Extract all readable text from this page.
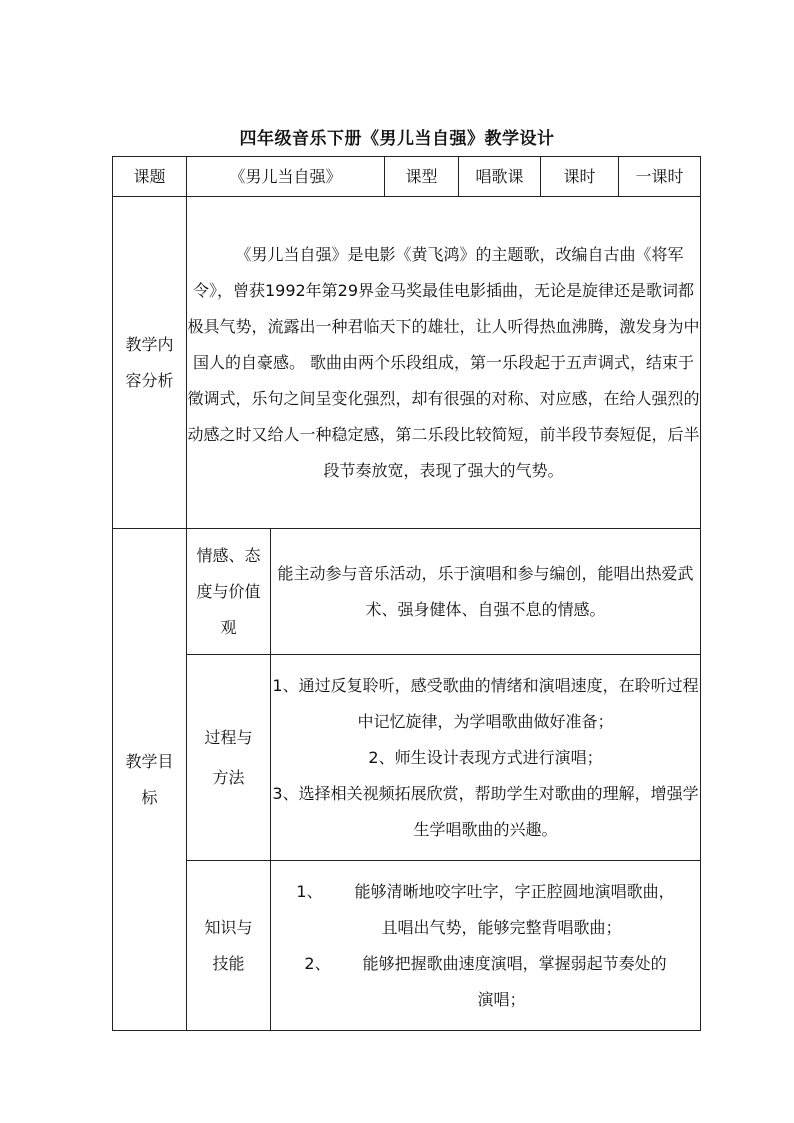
四年级音乐下册《男儿当自强》教学设计
课题	《男儿当自强》		课型	唱歌课	课时	一课时
教学内容分析	《男儿当自强》是电影《黄飞鸿》的主题歌，改编自古曲《将军令》，曾获1992年第29界金马奖最佳电影插曲，无论是旋律还是歌词都极具气势，流露出一种君临天下的雄壮，让人听得热血沸腾，激发身为中国人的自豪感。 歌曲由两个乐段组成，第一乐段起于五声调式，结束于徵调式，乐句之间呈变化强烈，却有很强的对称、对应感，在给人强烈的动感之时又给人一种稳定感，第二乐段比较简短，前半段节奏短促，后半段节奏放宽，表现了强大的气势。					

教学目标	情感、态度与价值观	能主动参与音乐活动，乐于演唱和参与编创，能唱出热爱武术、强身健体、自强不息的情感。				
	过程与方法	1、通过反复聆听，感受歌曲的情绪和演唱速度，在聆听过程中记忆旋律，为学唱歌曲做好准备；
2、师生设计表现方式进行演唱；
3、选择相关视频拓展欣赏，帮助学生对歌曲的理解，增强学生学唱歌曲的兴趣。				

	知识与技能	1、 能够清晰地咬字吐字，字正腔圆地演唱歌曲，
且唱出气势，能够完整背唱歌曲；
2、 能够把握歌曲速度演唱，掌握弱起节奏处的
演唱；				
